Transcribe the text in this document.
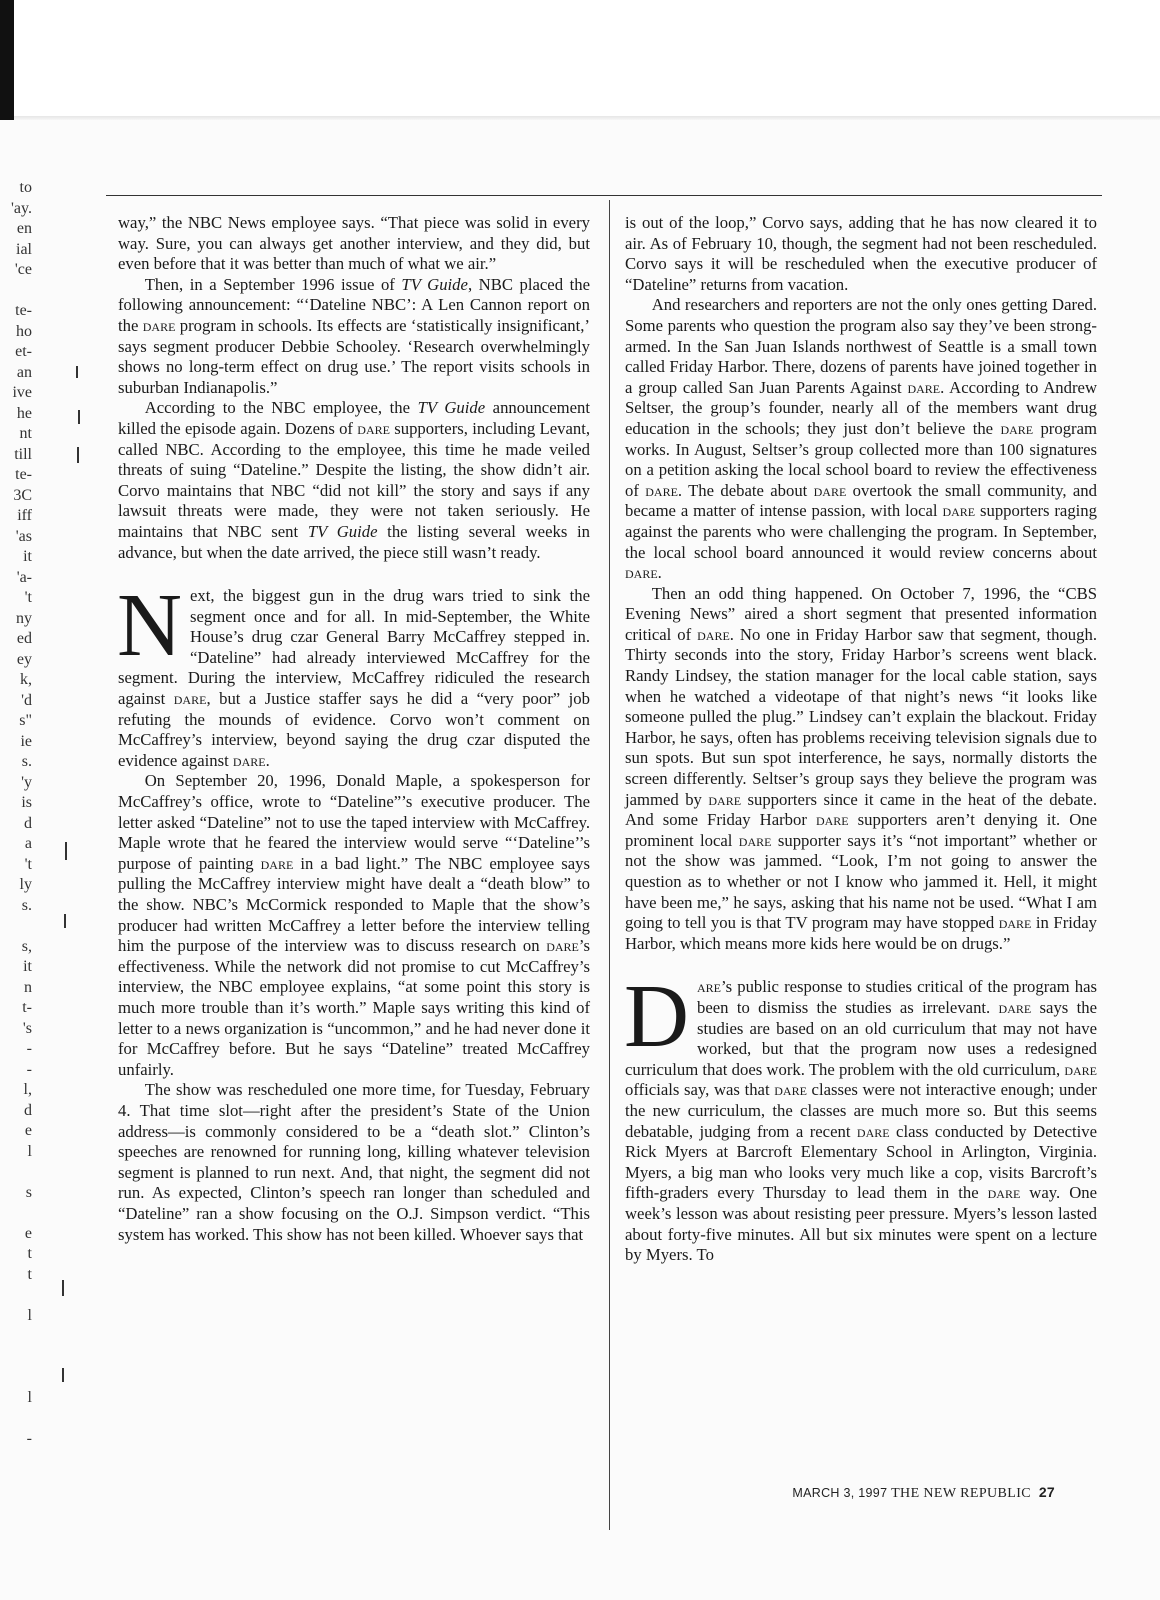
to
'ay.
en
ial
'ce

te-
ho
et-
an
ive
he
nt
till
te-
3C
iff
'as
it
'a-
't
ny
ed
ey
k,
'd
s"
ie
s.
'y
is
d
a
't
ly
s.

s,
it
n
t-
's
-
-
l,
d
e
l

s

e
t
t

l

l

-

way,” the NBC News employee says. “That piece was solid in every way. Sure, you can always get another interview, and they did, but even before that it was better than much of what we air.”

Then, in a September 1996 issue of TV Guide, NBC placed the following announcement: “‘Dateline NBC’: A Len Cannon report on the dare program in schools. Its effects are ‘statistically insignificant,’ says segment producer Debbie Schooley. ‘Research overwhelmingly shows no long-term effect on drug use.’ The report visits schools in suburban Indianapolis.”

According to the NBC employee, the TV Guide announcement killed the episode again. Dozens of dare supporters, including Levant, called NBC. According to the employee, this time he made veiled threats of suing “Dateline.” Despite the listing, the show didn’t air. Corvo maintains that NBC “did not kill” the story and says if any lawsuit threats were made, they were not taken seriously. He maintains that NBC sent TV Guide the listing several weeks in advance, but when the date arrived, the piece still wasn’t ready.

Next, the biggest gun in the drug wars tried to sink the segment once and for all. In mid-September, the White House’s drug czar General Barry McCaffrey stepped in. “Dateline” had already interviewed McCaffrey for the segment. During the interview, McCaffrey ridiculed the research against dare, but a Justice staffer says he did a “very poor” job refuting the mounds of evidence. Corvo won’t comment on McCaffrey’s interview, beyond saying the drug czar disputed the evidence against dare.

On September 20, 1996, Donald Maple, a spokesperson for McCaffrey’s office, wrote to “Dateline”’s executive producer. The letter asked “Dateline” not to use the taped interview with McCaffrey. Maple wrote that he feared the interview would serve “‘Dateline’’s purpose of painting dare in a bad light.” The NBC employee says pulling the McCaffrey interview might have dealt a “death blow” to the show. NBC’s McCormick responded to Maple that the show’s producer had written McCaffrey a letter before the interview telling him the purpose of the interview was to discuss research on dare’s effectiveness. While the network did not promise to cut McCaffrey’s interview, the NBC employee explains, “at some point this story is much more trouble than it’s worth.” Maple says writing this kind of letter to a news organization is “uncommon,” and he had never done it for McCaffrey before. But he says “Dateline” treated McCaffrey unfairly.

The show was rescheduled one more time, for Tuesday, February 4. That time slot—right after the president’s State of the Union address—is commonly considered to be a “death slot.” Clinton’s speeches are renowned for running long, killing whatever television segment is planned to run next. And, that night, the segment did not run. As expected, Clinton’s speech ran longer than scheduled and “Dateline” ran a show focusing on the O.J. Simpson verdict. “This system has worked. This show has not been killed. Whoever says that

is out of the loop,” Corvo says, adding that he has now cleared it to air. As of February 10, though, the segment had not been rescheduled. Corvo says it will be rescheduled when the executive producer of “Dateline” returns from vacation.

And researchers and reporters are not the only ones getting Dared. Some parents who question the program also say they’ve been strong-armed. In the San Juan Islands northwest of Seattle is a small town called Friday Harbor. There, dozens of parents have joined together in a group called San Juan Parents Against dare. According to Andrew Seltser, the group’s founder, nearly all of the members want drug education in the schools; they just don’t believe the dare program works. In August, Seltser’s group collected more than 100 signatures on a petition asking the local school board to review the effectiveness of dare. The debate about dare overtook the small community, and became a matter of intense passion, with local dare supporters raging against the parents who were challenging the program. In September, the local school board announced it would review concerns about dare.

Then an odd thing happened. On October 7, 1996, the “CBS Evening News” aired a short segment that presented information critical of dare. No one in Friday Harbor saw that segment, though. Thirty seconds into the story, Friday Harbor’s screens went black. Randy Lindsey, the station manager for the local cable station, says when he watched a videotape of that night’s news “it looks like someone pulled the plug.” Lindsey can’t explain the blackout. Friday Harbor, he says, often has problems receiving television signals due to sun spots. But sun spot interference, he says, normally distorts the screen differently. Seltser’s group says they believe the program was jammed by dare supporters since it came in the heat of the debate. And some Friday Harbor dare supporters aren’t denying it. One prominent local dare supporter says it’s “not important” whether or not the show was jammed. “Look, I’m not going to answer the question as to whether or not I know who jammed it. Hell, it might have been me,” he says, asking that his name not be used. “What I am going to tell you is that TV program may have stopped dare in Friday Harbor, which means more kids here would be on drugs.”

Dare’s public response to studies critical of the program has been to dismiss the studies as irrelevant. dare says the studies are based on an old curriculum that may not have worked, but that the program now uses a redesigned curriculum that does work. The problem with the old curriculum, dare officials say, was that dare classes were not interactive enough; under the new curriculum, the classes are much more so. But this seems debatable, judging from a recent dare class conducted by Detective Rick Myers at Barcroft Elementary School in Arlington, Virginia. Myers, a big man who looks very much like a cop, visits Barcroft’s fifth-graders every Thursday to lead them in the dare way. One week’s lesson was about resisting peer pressure. Myers’s lesson lasted about forty-five minutes. All but six minutes were spent on a lecture by Myers. To

MARCH 3, 1997 THE NEW REPUBLIC 27
